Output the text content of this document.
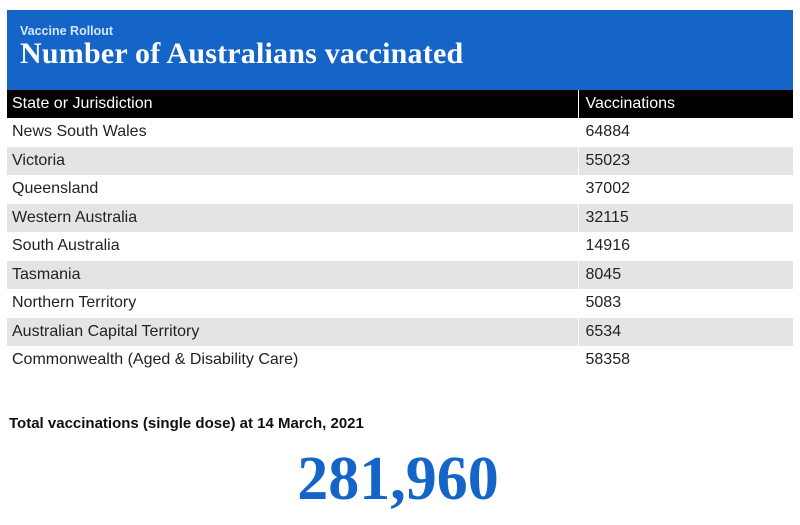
Vaccine Rollout
Number of Australians vaccinated
State or Jurisdiction	Vaccinations
News South Wales	64884
Victoria	55023
Queensland	37002
Western Australia	32115
South Australia	14916
Tasmania	8045
Northern Territory	5083
Australian Capital Territory	6534
Commonwealth (Aged & Disability Care)	58358
Total vaccinations (single dose) at 14 March, 2021
281,960
